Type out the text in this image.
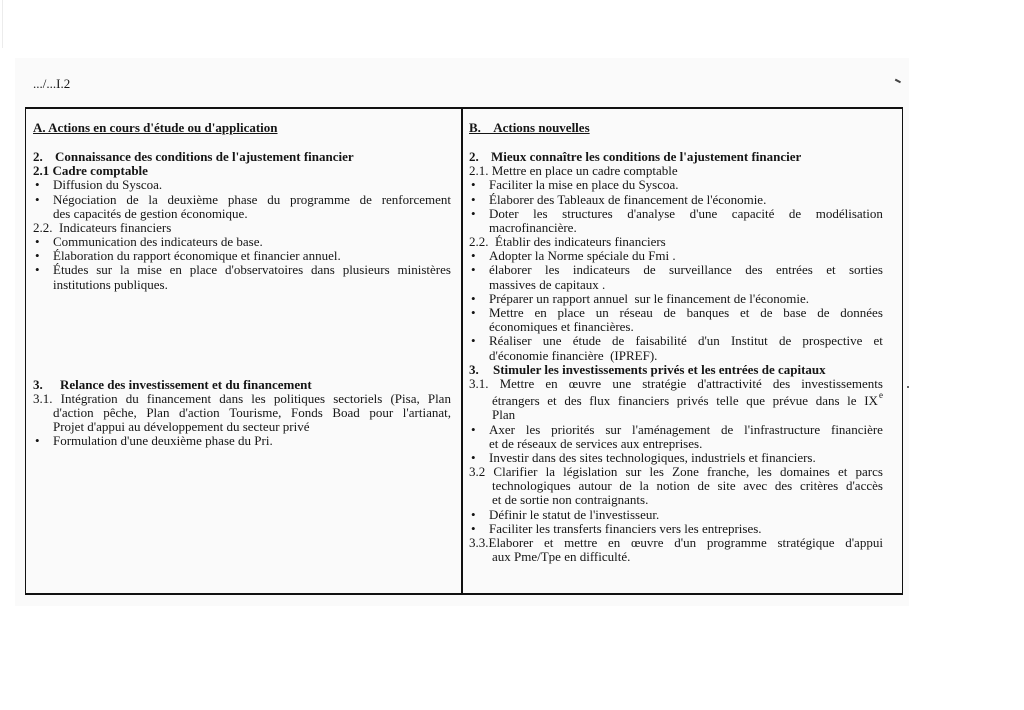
.../...I.2
A. Actions en cours d'étude ou d'application
2. Connaissance des conditions de l'ajustement financier
2.1 Cadre comptable
•	Diffusion du Syscoa.
•	Négociation de la deuxième phase du programme de renforcement
des capacités de gestion économique.
2.2.  Indicateurs financiers
•	Communication des indicateurs de base.
•	Élaboration du rapport économique et financier annuel.
•	Études sur la mise en place d'observatoires dans plusieurs ministères
institutions publiques.
3. Relance des investissement et du financement
3.1. Intégration du financement dans les politiques sectoriels (Pisa, Plan
d'action pêche, Plan d'action Tourisme, Fonds Boad pour l'artianat,
Projet d'appui au développement du secteur privé
•	Formulation d'une deuxième phase du Pri.
B.    Actions nouvelles
2. Mieux connaître les conditions de l'ajustement financier
2.1. Mettre en place un cadre comptable
•	Faciliter la mise en place du Syscoa.
•	Élaborer des Tableaux de financement de l'économie.
•	Doter les structures d'analyse d'une capacité de modélisation
macrofinancière.
2.2.  Établir des indicateurs financiers
•	Adopter la Norme spéciale du Fmi .
•	élaborer les indicateurs de surveillance des entrées et sorties
massives de capitaux .
•	Préparer un rapport annuel  sur le financement de l'économie.
•	Mettre en place un réseau de banques et de base de données
économiques et financières.
•	Réaliser une étude de faisabilité d'un Institut de prospective et
d'économie financière  (IPREF).
3. Stimuler les investissements privés et les entrées de capitaux
3.1. Mettre en œuvre une stratégie d'attractivité des investissements
étrangers et des flux financiers privés telle que prévue dans le IX e
Plan
•	Axer les priorités sur l'aménagement de l'infrastructure financière
et de réseaux de services aux entreprises.
•	Investir dans des sites technologiques, industriels et financiers.
3.2 Clarifier la législation sur les Zone franche, les domaines et parcs
technologiques autour de la notion de site avec des critères d'accès
et de sortie non contraignants.
•	Définir le statut de l'investisseur.
•	Faciliter les transferts financiers vers les entreprises.
3.3.Elaborer et mettre en œuvre d'un programme stratégique d'appui
aux Pme/Tpe en difficulté.
